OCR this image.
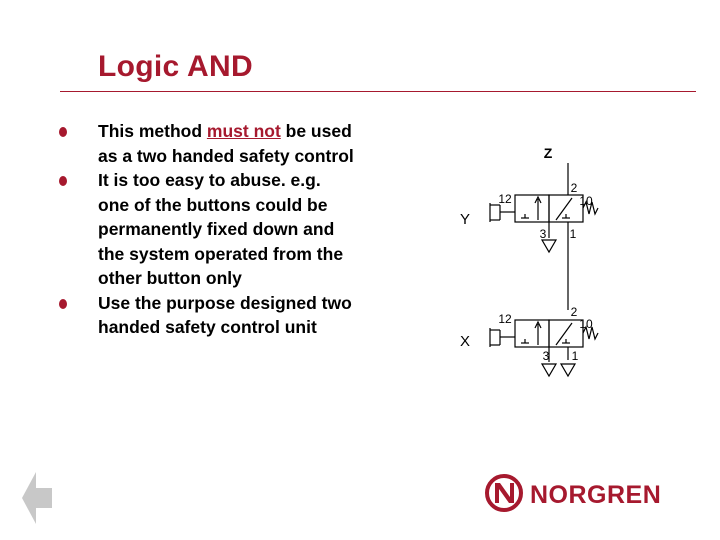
Logic AND
This method must not be used as a two handed safety control
It is too easy to abuse. e.g. one of the buttons could be permanently fixed down and the system operated from the other button only
Use the purpose designed two handed safety control unit
Z
Y
12
2
10
3 1
X
12	2
10
3 1
NORGREN
